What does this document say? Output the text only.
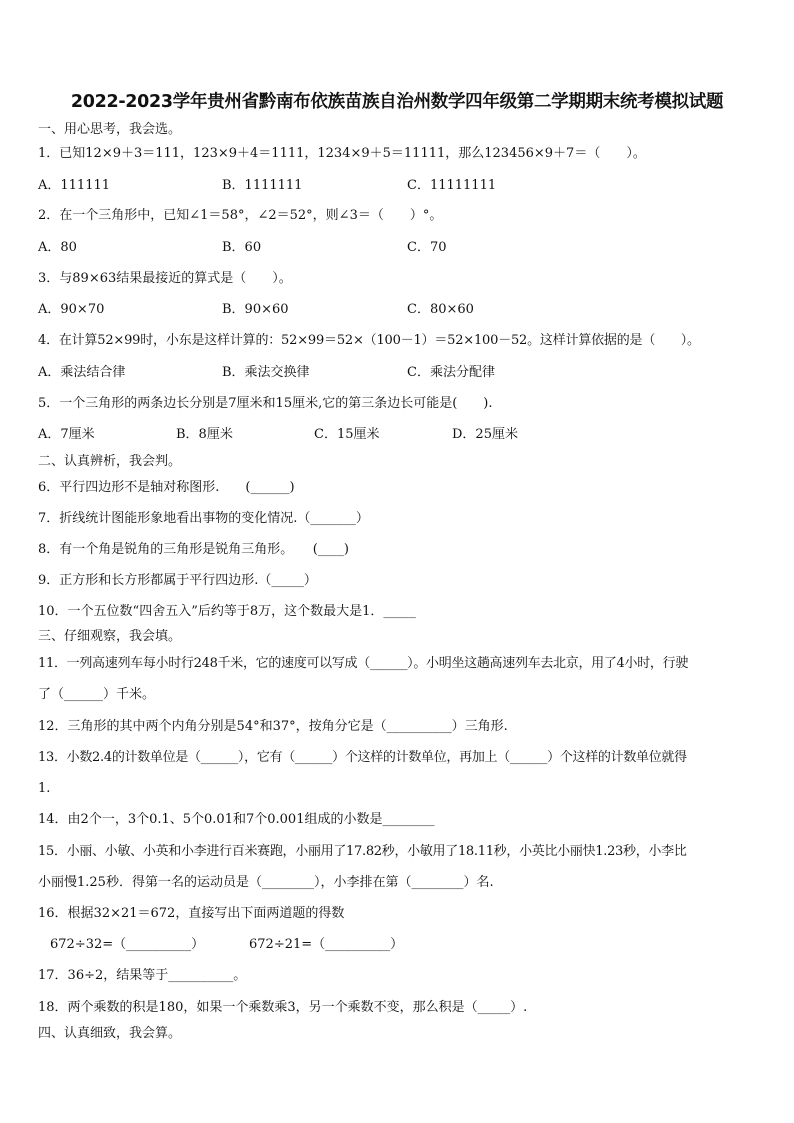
2022-2023学年贵州省黔南布依族苗族自治州数学四年级第二学期期末统考模拟试题
一、用心思考，我会选。
1．已知12×9＋3＝111，123×9＋4＝1111，1234×9＋5＝11111，那么123456×9＋7＝（　　）。
A．111111	B．1111111	C．11111111
2．在一个三角形中，已知∠1＝58°，∠2＝52°，则∠3＝（　　）°。
A．80	B．60	C．70
3．与89×63结果最接近的算式是（　　）。
A．90×70	B．90×60	C．80×60
4．在计算52×99时，小东是这样计算的：52×99＝52×（100－1）＝52×100－52。这样计算依据的是（　　）。
A．乘法结合律	B．乘法交换律	C．乘法分配律
5．一个三角形的两条边长分别是7厘米和15厘米,它的第三条边长可能是(　　).
A．7厘米	B．8厘米	C．15厘米	D．25厘米
二、认真辨析，我会判。
6．平行四边形不是轴对称图形.　　(______)
7．折线统计图能形象地看出事物的变化情况.（_______）
8．有一个角是锐角的三角形是锐角三角形。　　(____)
9．正方形和长方形都属于平行四边形.（_____）
10．一个五位数“四舍五入”后约等于8万，这个数最大是1．_____
三、仔细观察，我会填。
11．一列高速列车每小时行248千米，它的速度可以写成（______）。小明坐这趟高速列车去北京，用了4小时，行驶
了（______）千米。
12．三角形的其中两个内角分别是54°和37°，按角分它是（__________）三角形.
13．小数2.4的计数单位是（______），它有（______）个这样的计数单位，再加上（______）个这样的计数单位就得
1.
14．由2个一，3个0.1、5个0.01和7个0.001组成的小数是________
15．小丽、小敏、小英和小李进行百米赛跑，小丽用了17.82秒，小敏用了18.11秒，小英比小丽快1.23秒，小李比
小丽慢1.25秒．得第一名的运动员是（________），小李排在第（________）名.
16．根据32×21＝672，直接写出下面两道题的得数
672÷32=（__________）	672÷21=（__________）
17．36÷2，结果等于__________。
18．两个乘数的积是180，如果一个乘数乘3，另一个乘数不变，那么积是（_____）.
四、认真细致，我会算。
